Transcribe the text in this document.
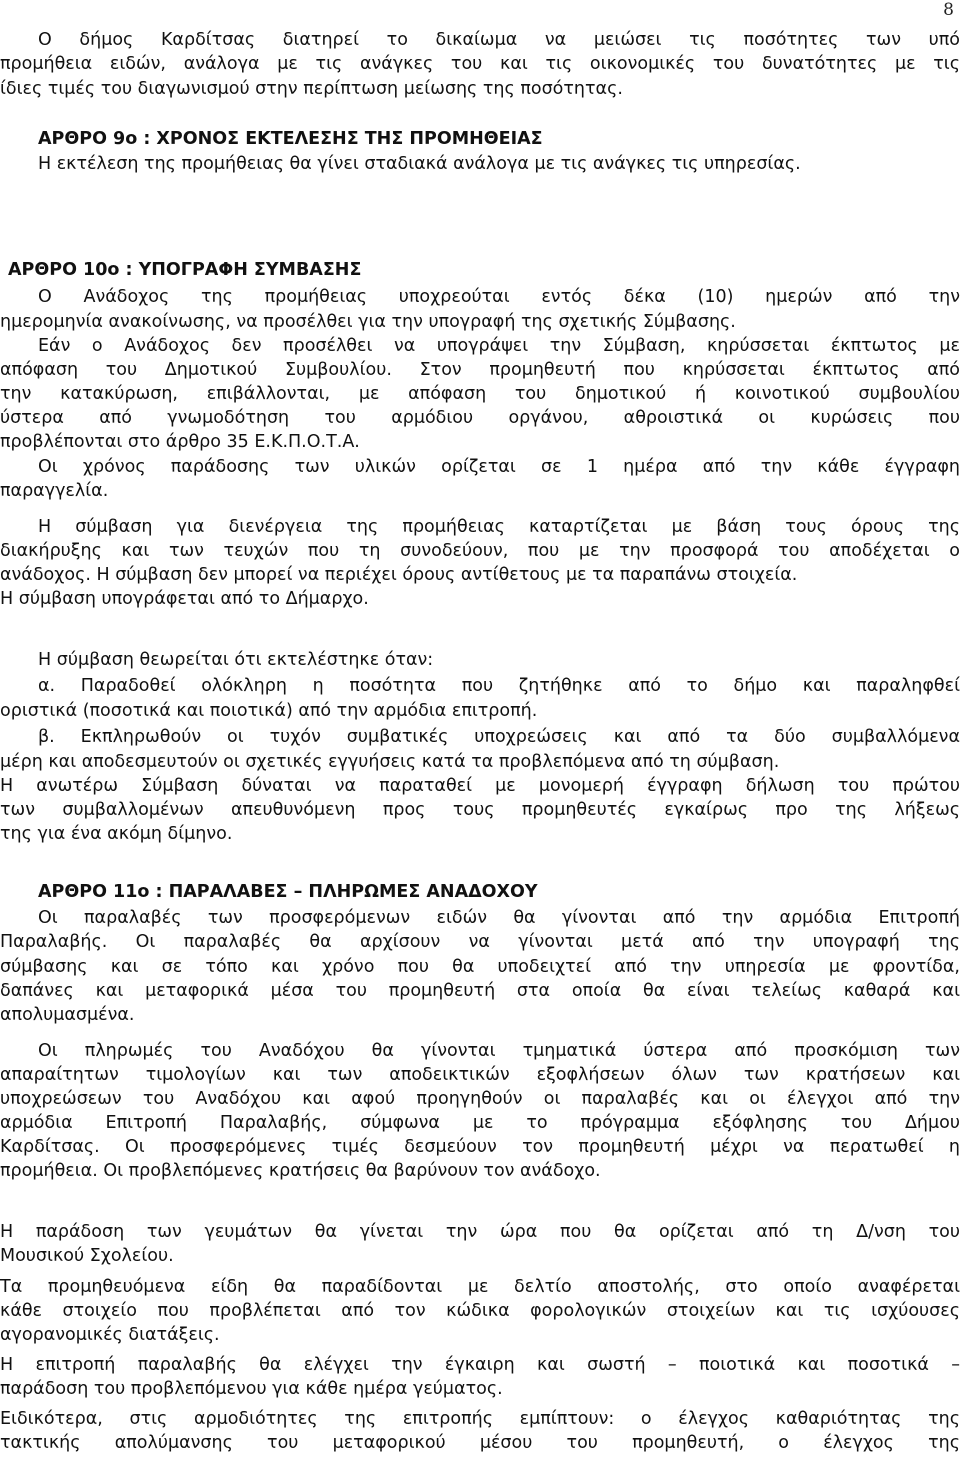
8
Ο δήμος Καρδίτσας διατηρεί το δικαίωμα να μειώσει τις ποσότητες των υπό
προμήθεια ειδών, ανάλογα με τις ανάγκες του και τις οικονομικές του δυνατότητες με τις
ίδιες τιμές του διαγωνισμού στην περίπτωση μείωσης της ποσότητας.
ΑΡΘΡΟ 9ο : ΧΡΟΝΟΣ ΕΚΤΕΛΕΣΗΣ ΤΗΣ ΠΡΟΜΗΘΕΙΑΣ
Η εκτέλεση της προμήθειας θα γίνει σταδιακά ανάλογα με τις ανάγκες τις υπηρεσίας.
ΑΡΘΡΟ 10ο : ΥΠΟΓΡΑΦΗ ΣΥΜΒΑΣΗΣ
Ο Ανάδοχος της προμήθειας υποχρεούται εντός δέκα (10) ημερών από την
ημερομηνία ανακοίνωσης, να προσέλθει για την υπογραφή της σχετικής Σύμβασης.
Εάν ο Ανάδοχος δεν προσέλθει να υπογράψει την Σύμβαση, κηρύσσεται έκπτωτος με
απόφαση του Δημοτικού Συμβουλίου. Στον προμηθευτή που κηρύσσεται έκπτωτος από
την κατακύρωση, επιβάλλονται, με απόφαση του δημοτικού ή κοινοτικού συμβουλίου
ύστερα από γνωμοδότηση του αρμόδιου οργάνου, αθροιστικά οι κυρώσεις που
προβλέπονται στο άρθρο 35 Ε.Κ.Π.Ο.Τ.Α.
Οι χρόνος παράδοσης των υλικών ορίζεται σε 1 ημέρα από την κάθε έγγραφη
παραγγελία.
Η σύμβαση για διενέργεια της προμήθειας καταρτίζεται με βάση τους όρους της
διακήρυξης και των τευχών που τη συνοδεύουν, που με την προσφορά του αποδέχεται ο
ανάδοχος. Η σύμβαση δεν μπορεί να περιέχει όρους αντίθετους με τα παραπάνω στοιχεία.
Η σύμβαση υπογράφεται από το Δήμαρχο.
Η σύμβαση θεωρείται ότι εκτελέστηκε όταν:
α. Παραδοθεί ολόκληρη η ποσότητα που ζητήθηκε από το δήμο και παραληφθεί
οριστικά (ποσοτικά και ποιοτικά) από την αρμόδια επιτροπή.
β. Εκπληρωθούν οι τυχόν συμβατικές υποχρεώσεις και από τα δύο συμβαλλόμενα
μέρη και αποδεσμευτούν οι σχετικές εγγυήσεις κατά τα προβλεπόμενα από τη σύμβαση.
Η ανωτέρω Σύμβαση δύναται να παραταθεί με μονομερή έγγραφη δήλωση του πρώτου
των συμβαλλομένων απευθυνόμενη προς τους προμηθευτές εγκαίρως προ της λήξεως
της για ένα ακόμη δίμηνο.
ΑΡΘΡΟ 11ο : ΠΑΡΑΛΑΒΕΣ – ΠΛΗΡΩΜΕΣ ΑΝΑΔΟΧΟΥ
Οι παραλαβές των προσφερόμενων ειδών θα γίνονται από την αρμόδια Επιτροπή
Παραλαβής. Οι παραλαβές θα αρχίσουν να γίνονται μετά από την υπογραφή της
σύμβασης και σε τόπο και χρόνο που θα υποδειχτεί από την υπηρεσία με φροντίδα,
δαπάνες και μεταφορικά μέσα του προμηθευτή στα οποία θα είναι τελείως καθαρά και
απολυμασμένα.
Οι πληρωμές του Αναδόχου θα γίνονται τμηματικά ύστερα από προσκόμιση των
απαραίτητων τιμολογίων και των αποδεικτικών εξοφλήσεων όλων των κρατήσεων και
υποχρεώσεων του Αναδόχου και αφού προηγηθούν οι παραλαβές και οι έλεγχοι από την
αρμόδια Επιτροπή Παραλαβής, σύμφωνα με το πρόγραμμα εξόφλησης του Δήμου
Καρδίτσας. Οι προσφερόμενες τιμές δεσμεύουν τον προμηθευτή μέχρι να περατωθεί η
προμήθεια. Οι προβλεπόμενες κρατήσεις θα βαρύνουν τον ανάδοχο.
Η παράδοση των γευμάτων θα γίνεται την ώρα που θα ορίζεται από τη Δ/νση του
Μουσικού Σχολείου.
Τα προμηθευόμενα είδη θα παραδίδονται με δελτίο αποστολής, στο οποίο αναφέρεται
κάθε στοιχείο που προβλέπεται από τον κώδικα φορολογικών στοιχείων και τις ισχύουσες
αγορανομικές διατάξεις.
Η επιτροπή παραλαβής θα ελέγχει την έγκαιρη και σωστή – ποιοτικά και ποσοτικά –
παράδοση του προβλεπόμενου για κάθε ημέρα γεύματος.
Ειδικότερα, στις αρμοδιότητες της επιτροπής εμπίπτουν: ο έλεγχος καθαριότητας της
τακτικής απολύμανσης του μεταφορικού μέσου του προμηθευτή, ο έλεγχος της
